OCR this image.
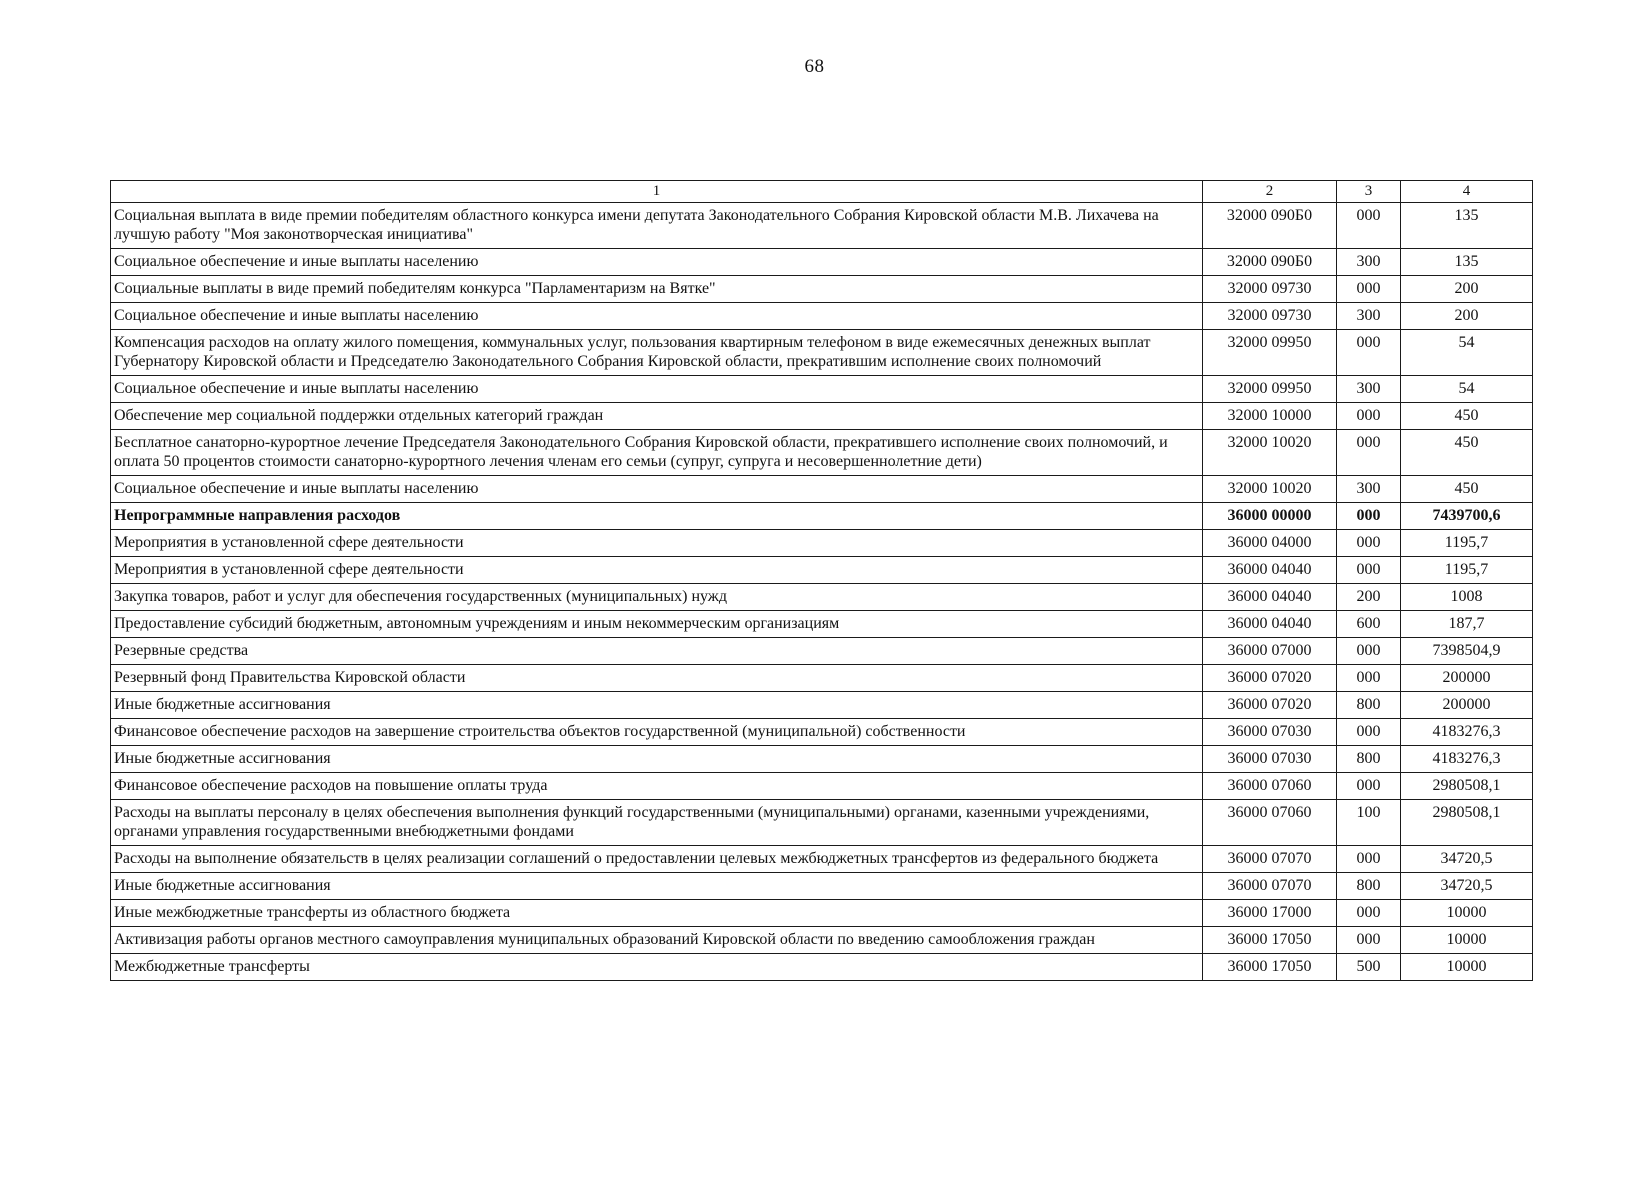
68
1	2	3	4
Социальная выплата в виде премии победителям областного конкурса имени депутата Законодательного Собрания Кировской области М.В. Лихачева на лучшую работу "Моя законотворческая инициатива"	32000 090Б0	000	135
Социальное обеспечение и иные выплаты населению	32000 090Б0	300	135
Социальные выплаты в виде премий победителям конкурса "Парламентаризм на Вятке"	32000 09730	000	200
Социальное обеспечение и иные выплаты населению	32000 09730	300	200
Компенсация расходов на оплату жилого помещения, коммунальных услуг, пользования квартирным телефоном в виде ежемесячных денежных выплат Губернатору Кировской области и Председателю Законодательного Собрания Кировской области, прекратившим исполнение своих полномочий	32000 09950	000	54
Социальное обеспечение и иные выплаты населению	32000 09950	300	54
Обеспечение мер социальной поддержки отдельных категорий граждан	32000 10000	000	450
Бесплатное санаторно-курортное лечение Председателя Законодательного Собрания Кировской области, прекратившего исполнение своих полномочий, и оплата 50 процентов стоимости санаторно-курортного лечения членам его семьи (супруг, супруга и несовершеннолетние дети)	32000 10020	000	450
Социальное обеспечение и иные выплаты населению	32000 10020	300	450
Непрограммные направления расходов	36000 00000	000	7439700,6
Мероприятия в установленной сфере деятельности	36000 04000	000	1195,7
Мероприятия в установленной сфере деятельности	36000 04040	000	1195,7
Закупка товаров, работ и услуг для обеспечения государственных (муниципальных) нужд	36000 04040	200	1008
Предоставление субсидий бюджетным, автономным учреждениям и иным некоммерческим организациям	36000 04040	600	187,7
Резервные средства	36000 07000	000	7398504,9
Резервный фонд Правительства Кировской области	36000 07020	000	200000
Иные бюджетные ассигнования	36000 07020	800	200000
Финансовое обеспечение расходов на завершение строительства объектов государственной (муниципальной) собственности	36000 07030	000	4183276,3
Иные бюджетные ассигнования	36000 07030	800	4183276,3
Финансовое обеспечение расходов на повышение оплаты труда	36000 07060	000	2980508,1
Расходы на выплаты персоналу в целях обеспечения выполнения функций государственными (муниципальными) органами, казенными учреждениями, органами управления государственными внебюджетными фондами	36000 07060	100	2980508,1
Расходы на выполнение обязательств в целях реализации соглашений о предоставлении целевых межбюджетных трансфертов из федерального бюджета	36000 07070	000	34720,5
Иные бюджетные ассигнования	36000 07070	800	34720,5
Иные межбюджетные трансферты из областного бюджета	36000 17000	000	10000
Активизация работы органов местного самоуправления муниципальных образований Кировской области по введению самообложения граждан	36000 17050	000	10000
Межбюджетные трансферты	36000 17050	500	10000
